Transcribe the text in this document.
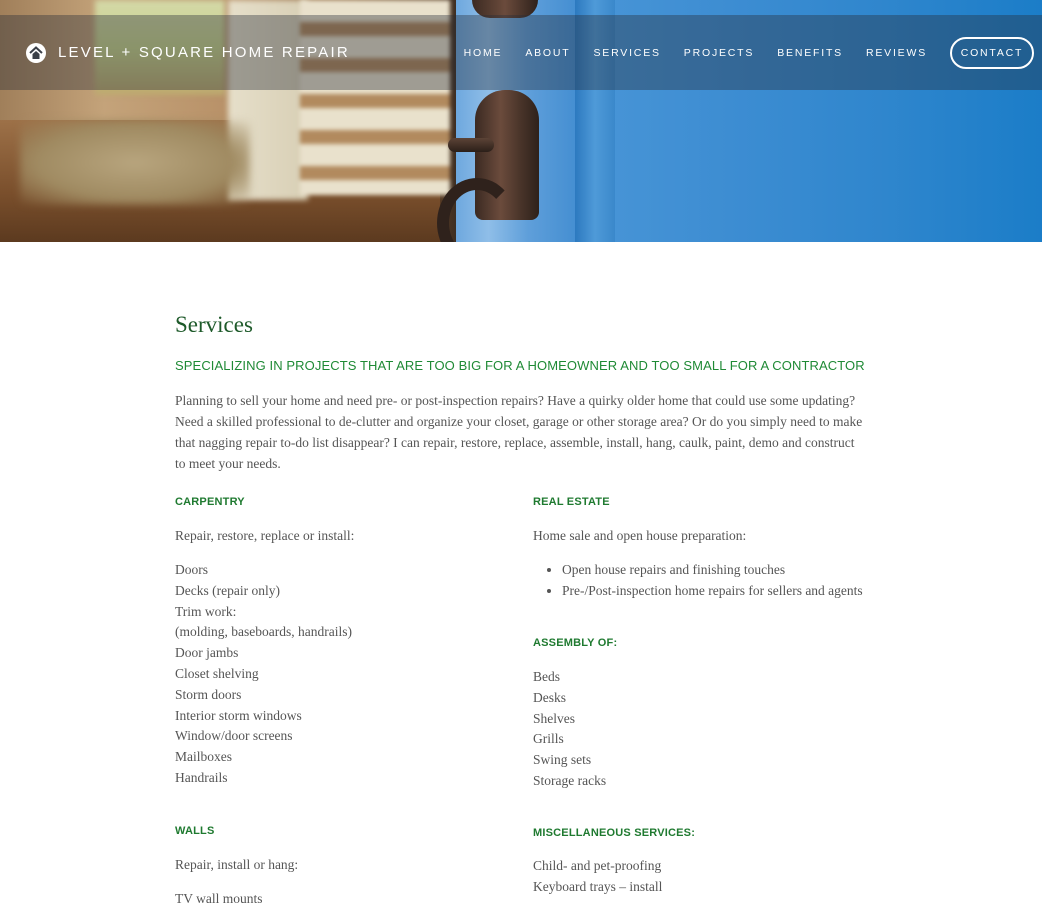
LEVEL + SQUARE HOME REPAIR	HOME ABOUT SERVICES PROJECTS BENEFITS REVIEWS	CONTACT
Services
SPECIALIZING IN PROJECTS THAT ARE TOO BIG FOR A HOMEOWNER AND TOO SMALL FOR A CONTRACTOR
Planning to sell your home and need pre- or post-inspection repairs? Have a quirky older home that could use some updating? Need a skilled professional to de-clutter and organize your closet, garage or other storage area? Or do you simply need to make that nagging repair to-do list disappear? I can repair, restore, replace, assemble, install, hang, caulk, paint, demo and construct to meet your needs.
CARPENTRY
Repair, restore, replace or install:
Doors
Decks (repair only)
Trim work:
(molding, baseboards, handrails)
Door jambs
Closet shelving
Storm doors
Interior storm windows
Window/door screens
Mailboxes
Handrails
WALLS
Repair, install or hang:
TV wall mounts
REAL ESTATE
Home sale and open house preparation:
• Open house repairs and finishing touches
• Pre-/Post-inspection home repairs for sellers and agents
ASSEMBLY OF:
Beds
Desks
Shelves
Grills
Swing sets
Storage racks
MISCELLANEOUS SERVICES:
Child- and pet-proofing
Keyboard trays – install
